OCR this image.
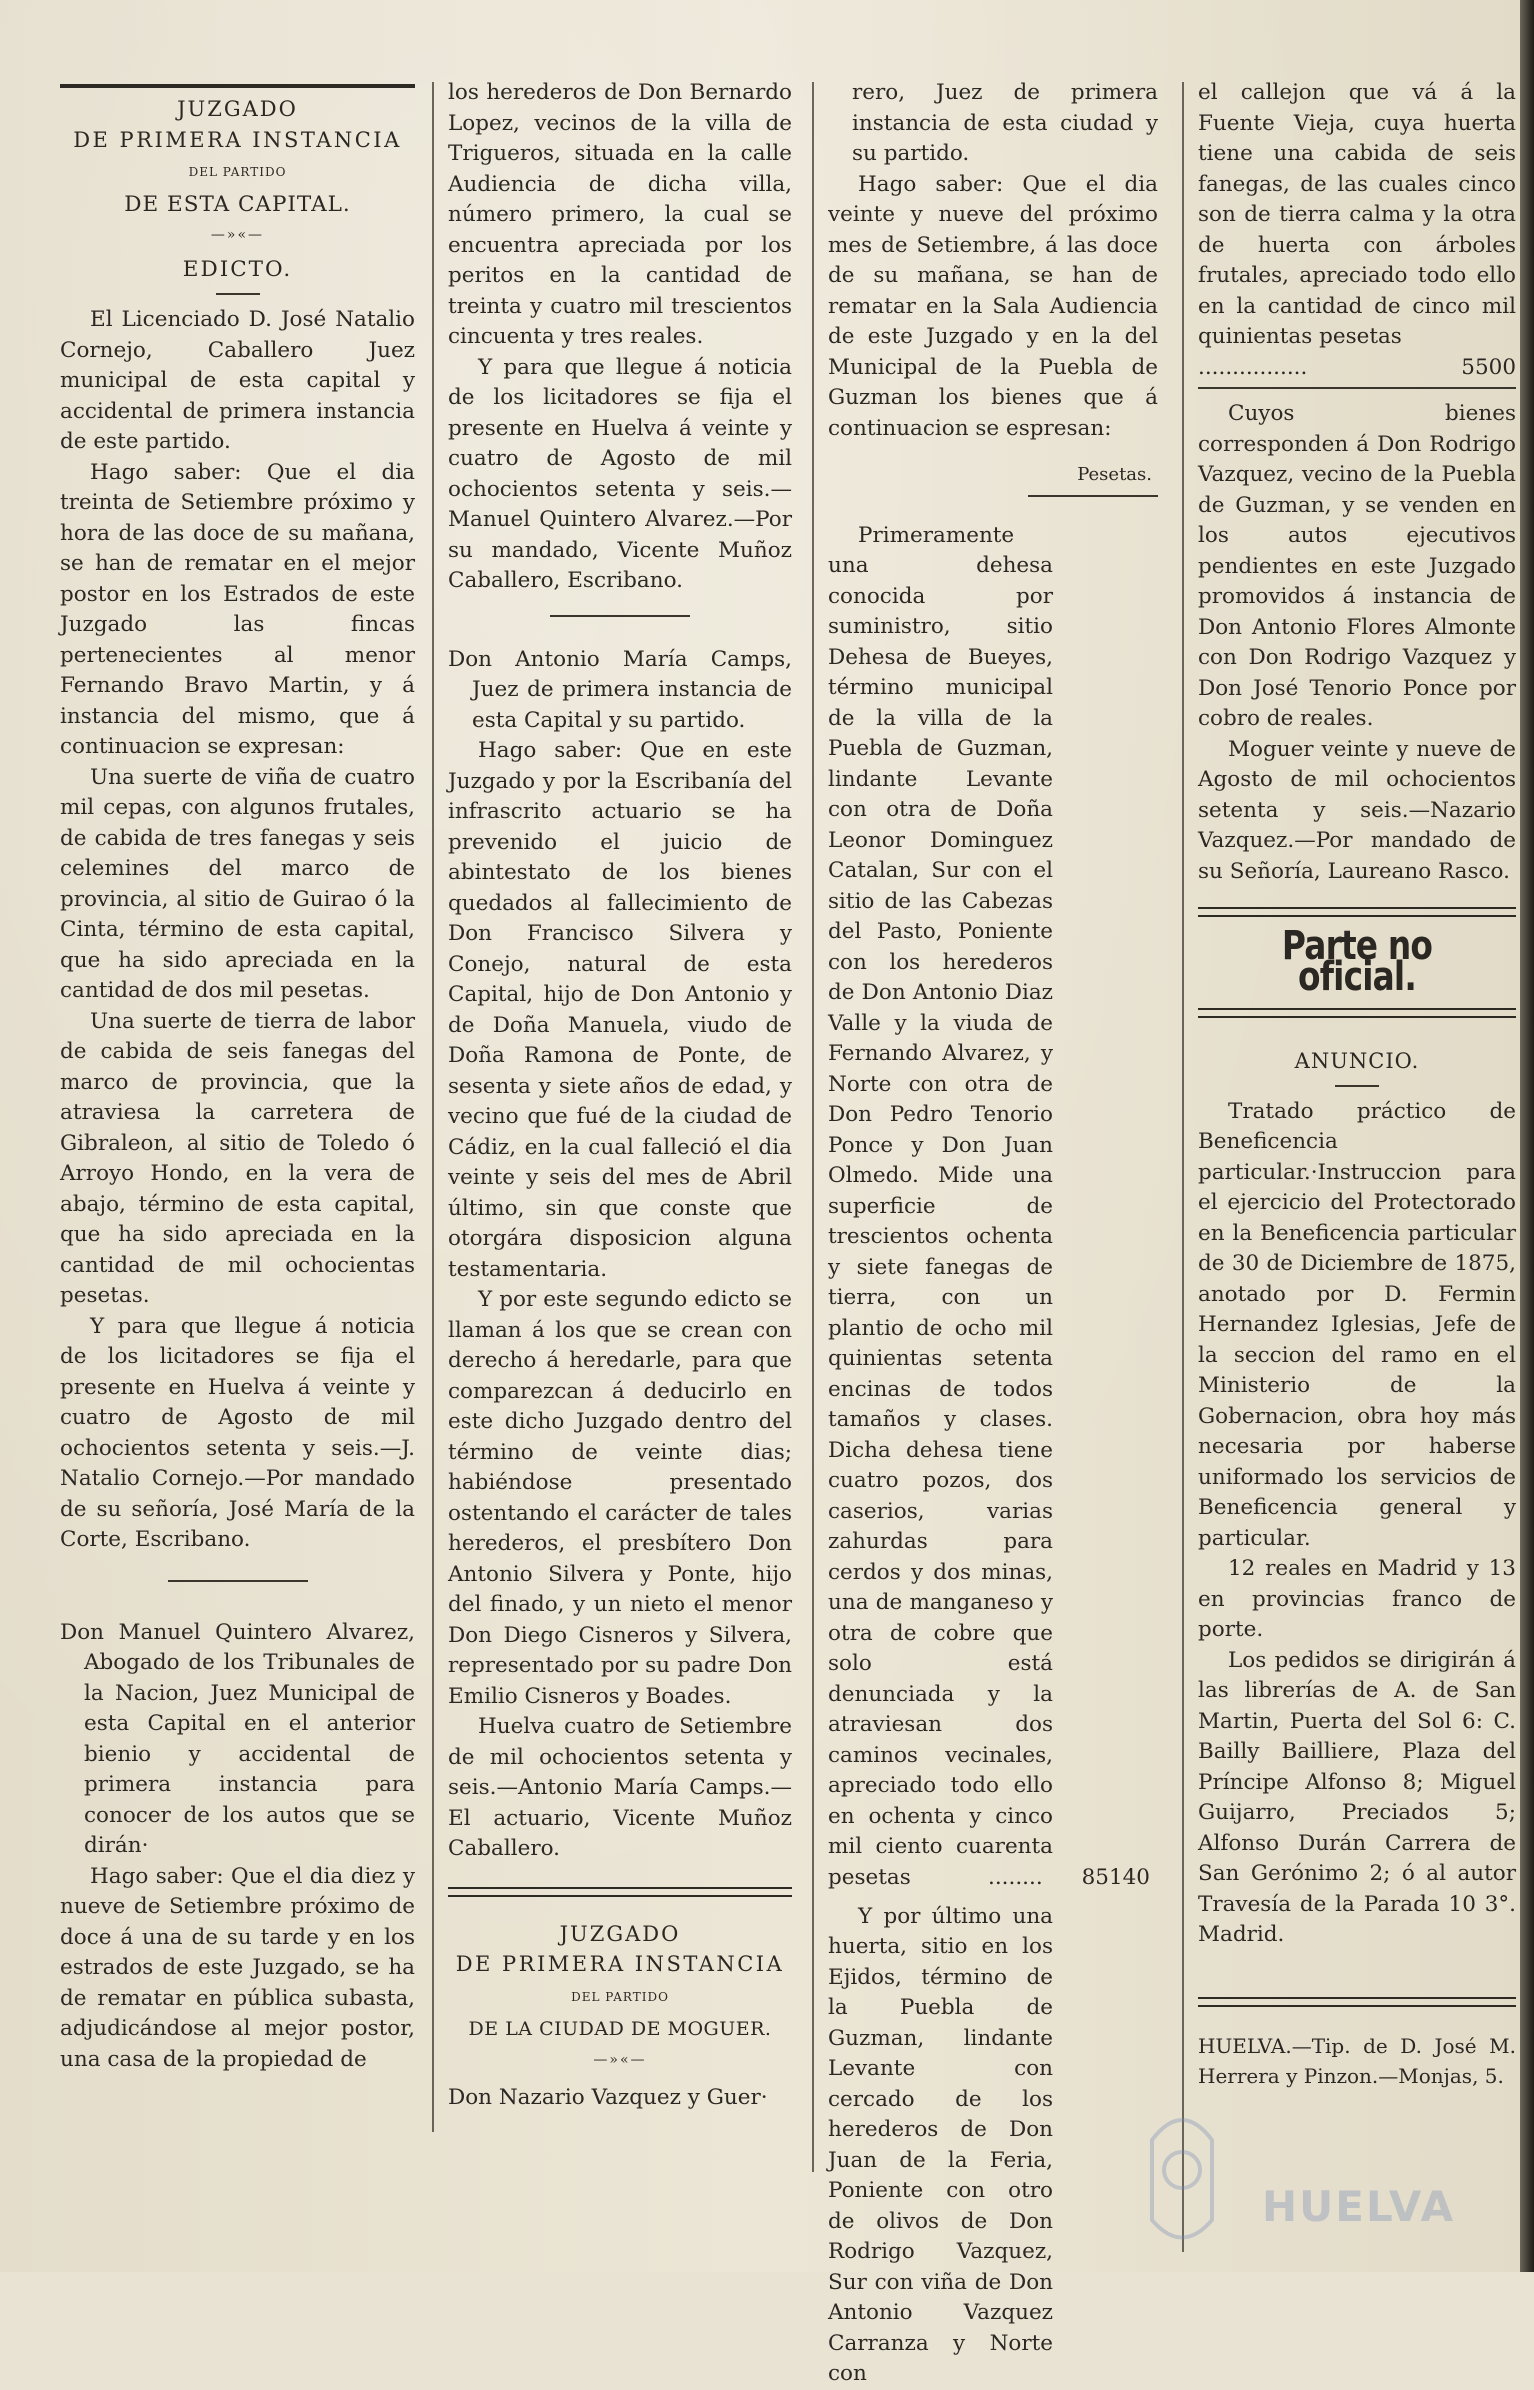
JUZGADO

DE PRIMERA INSTANCIA

DEL PARTIDO

DE ESTA CAPITAL.

—»«—

EDICTO.

El Licenciado D. José Natalio Cornejo, Caballero Juez municipal de esta capital y accidental de primera instancia de este partido.

Hago saber: Que el dia treinta de Setiembre próximo y hora de las doce de su mañana, se han de rematar en el mejor postor en los Estrados de este Juzgado las fincas pertenecientes al menor Fernando Bravo Martin, y á instancia del mismo, que á continuacion se expresan:

Una suerte de viña de cuatro mil cepas, con algunos frutales, de cabida de tres fanegas y seis celemines del marco de provincia, al sitio de Guirao ó la Cinta, término de esta capital, que ha sido apreciada en la cantidad de dos mil pesetas.

Una suerte de tierra de labor de cabida de seis fanegas del marco de provincia, que la atraviesa la carretera de Gibraleon, al sitio de Toledo ó Arroyo Hondo, en la vera de abajo, término de esta capital, que ha sido apreciada en la cantidad de mil ochocientas pesetas.

Y para que llegue á noticia de los licitadores se fija el presente en Huelva á veinte y cuatro de Agosto de mil ochocientos setenta y seis.—J. Natalio Cornejo.—Por mandado de su señoría, José María de la Corte, Escribano.

Don Manuel Quintero Alvarez, Abogado de los Tribunales de la Nacion, Juez Municipal de esta Capital en el anterior bienio y accidental de primera instancia para conocer de los autos que se dirán·

Hago saber: Que el dia diez y nueve de Setiembre próximo de doce á una de su tarde y en los estrados de este Juzgado, se ha de rematar en pública subasta, adjudicándose al mejor postor, una casa de la propiedad de

los herederos de Don Bernardo Lopez, vecinos de la villa de Trigueros, situada en la calle Audiencia de dicha villa, número primero, la cual se encuentra apreciada por los peritos en la cantidad de treinta y cuatro mil trescientos cincuenta y tres reales.

Y para que llegue á noticia de los licitadores se fija el presente en Huelva á veinte y cuatro de Agosto de mil ochocientos setenta y seis.—Manuel Quintero Alvarez.—Por su mandado, Vicente Muñoz Caballero, Escribano.

Don Antonio María Camps, Juez de primera instancia de esta Capital y su partido.

Hago saber: Que en este Juzgado y por la Escribanía del infrascrito actuario se ha prevenido el juicio de abintestato de los bienes quedados al fallecimiento de Don Francisco Silvera y Conejo, natural de esta Capital, hijo de Don Antonio y de Doña Manuela, viudo de Doña Ramona de Ponte, de sesenta y siete años de edad, y vecino que fué de la ciudad de Cádiz, en la cual falleció el dia veinte y seis del mes de Abril último, sin que conste que otorgára disposicion alguna testamentaria.

Y por este segundo edicto se llaman á los que se crean con derecho á heredarle, para que comparezcan á deducirlo en este dicho Juzgado dentro del término de veinte dias; habiéndose presentado ostentando el carácter de tales herederos, el presbítero Don Antonio Silvera y Ponte, hijo del finado, y un nieto el menor Don Diego Cisneros y Silvera, representado por su padre Don Emilio Cisneros y Boades.

Huelva cuatro de Setiembre de mil ochocientos setenta y seis.—Antonio María Camps.—El actuario, Vicente Muñoz Caballero.

JUZGADO

DE PRIMERA INSTANCIA

DEL PARTIDO

DE LA CIUDAD DE MOGUER.

—»«—

Don Nazario Vazquez y Guer·

rero, Juez de primera instancia de esta ciudad y su partido.

Hago saber: Que el dia veinte y nueve del próximo mes de Setiembre, á las doce de su mañana, se han de rematar en la Sala Audiencia de este Juzgado y en la del Municipal de la Puebla de Guzman los bienes que á continuacion se espresan:

Pesetas.

Primeramente una dehesa conocida por suministro, sitio Dehesa de Bueyes, término municipal de la villa de la Puebla de Guzman, lindante Levante con otra de Doña Leonor Dominguez Catalan, Sur con el sitio de las Cabezas del Pasto, Poniente con los herederos de Don Antonio Diaz Valle y la viuda de Fernando Alvarez, y Norte con otra de Don Pedro Tenorio Ponce y Don Juan Olmedo. Mide una superficie de trescientos ochenta y siete fanegas de tierra, con un plantio de ocho mil quinientas setenta encinas de todos tamaños y clases. Dicha dehesa tiene cuatro pozos, dos caserios, varias zahurdas para cerdos y dos minas, una de manganeso y otra de cobre que solo está denunciada y la atraviesan dos caminos vecinales, apreciado todo ello en ochenta y cinco mil ciento cuarenta pesetas	........ 85140

Y por último una huerta, sitio en los Ejidos, término de la Puebla de Guzman, lindante Levante con cercado de los herederos de Don Juan de la Feria, Poniente con otro de olivos de Don Rodrigo Vazquez, Sur con viña de Don Antonio Vazquez Carranza y Norte con

el callejon que vá á la Fuente Vieja, cuya huerta tiene una cabida de seis fanegas, de las cuales cinco son de tierra calma y la otra de huerta con árboles frutales, apreciado todo ello en la cantidad de cinco mil quinientas pesetas

................	5500

Cuyos bienes corresponden á Don Rodrigo Vazquez, vecino de la Puebla de Guzman, y se venden en los autos ejecutivos pendientes en este Juzgado promovidos á instancia de Don Antonio Flores Almonte con Don Rodrigo Vazquez y Don José Tenorio Ponce por cobro de reales.

Moguer veinte y nueve de Agosto de mil ochocientos setenta y seis.—Nazario Vazquez.—Por mandado de su Señoría, Laureano Rasco.

Parte no oficial.

ANUNCIO.

Tratado práctico de Beneficencia particular.·Instruccion para el ejercicio del Protectorado en la Beneficencia particular de 30 de Diciembre de 1875, anotado por D. Fermin Hernandez Iglesias, Jefe de la seccion del ramo en el Ministerio de la Gobernacion, obra hoy más necesaria por haberse uniformado los servicios de Beneficencia general y particular.

12 reales en Madrid y 13 en provincias franco de porte.

Los pedidos se dirigirán á las librerías de A. de San Martin, Puerta del Sol 6: C. Bailly Bailliere, Plaza del Príncipe Alfonso 8; Miguel Guijarro, Preciados 5; Alfonso Durán Carrera de San Gerónimo 2; ó al autor Travesía de la Parada 10 3°. Madrid.

HUELVA.—Tip. de D. José M. Herrera y Pinzon.—Monjas, 5.

HUELVA
